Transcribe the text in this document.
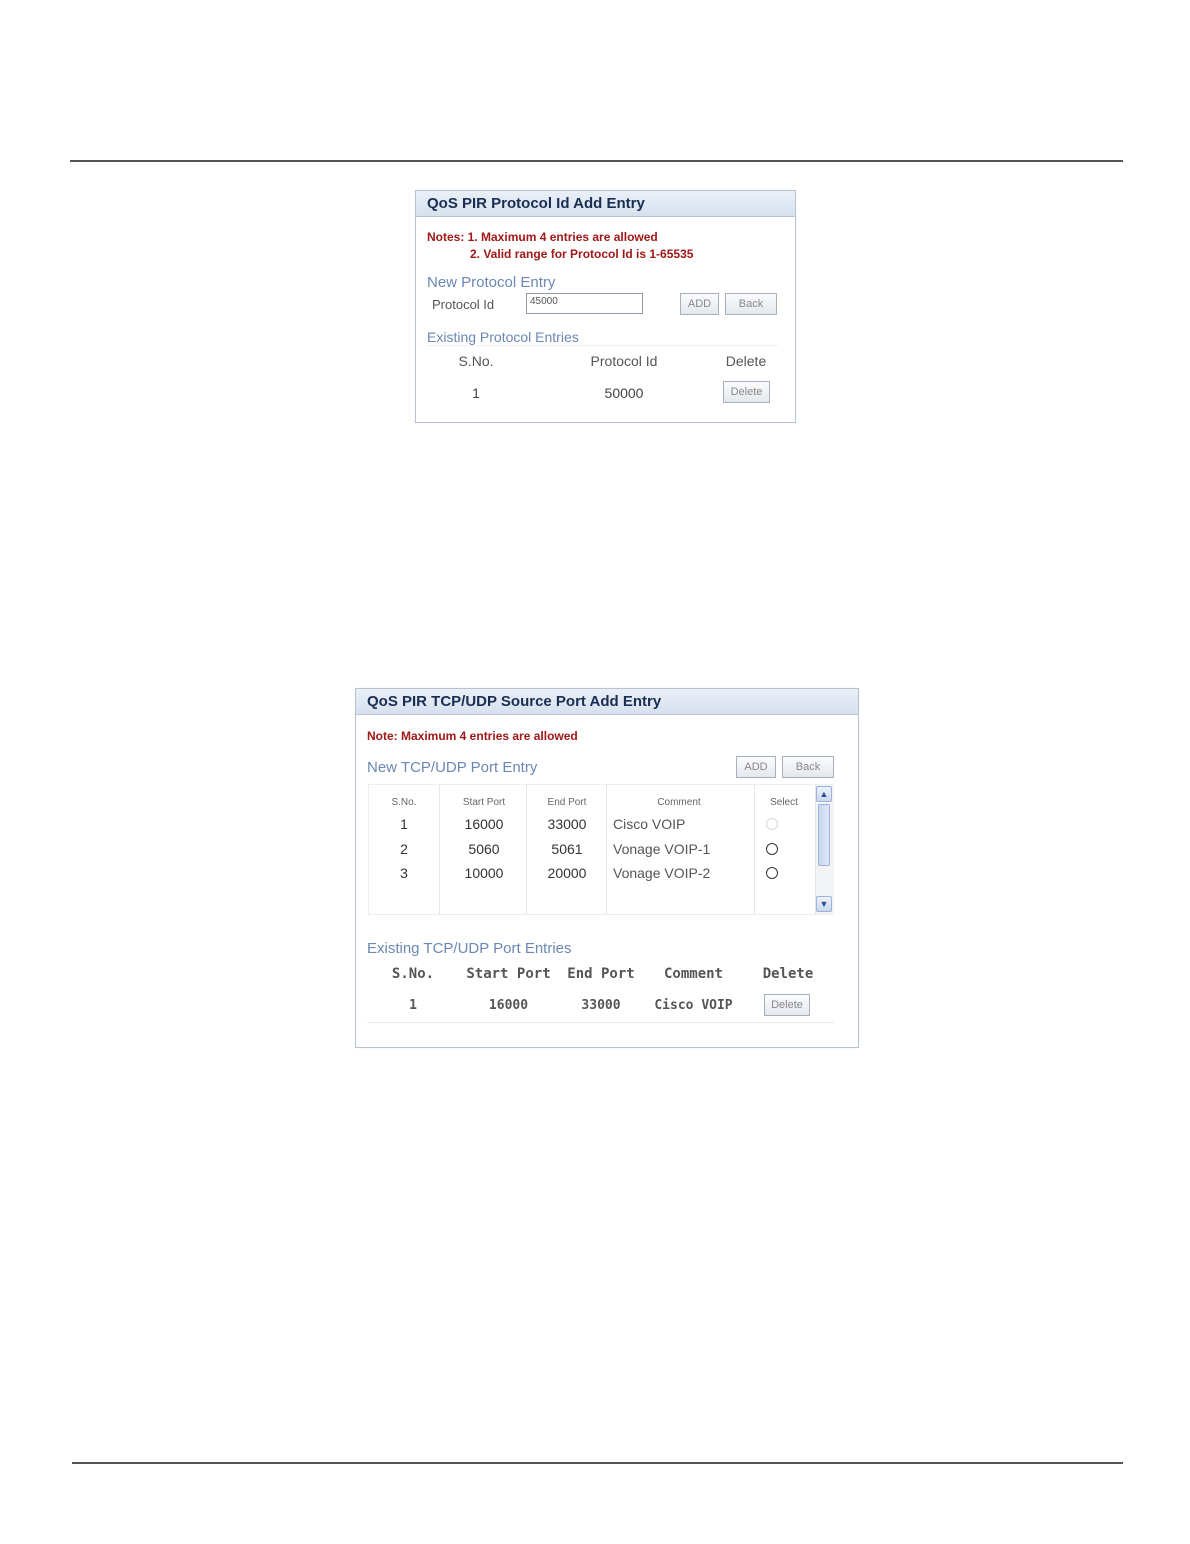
QoS PIR Protocol Id Add Entry
Notes: 1. Maximum 4 entries are allowed
2. Valid range for Protocol Id is 1-65535
New Protocol Entry
Protocol Id	45000	ADD	Back
Existing Protocol Entries
S.No.	Protocol Id	Delete
1	50000	Delete
QoS PIR TCP/UDP Source Port Add Entry
Note: Maximum 4 entries are allowed
New TCP/UDP Port Entry	ADD	Back
S.No.	Start Port	End Port	Comment	Select
1	16000	33000	Cisco VOIP
2	5060	5061	Vonage VOIP-1
3	10000	20000	Vonage VOIP-2
▲
▼
Existing TCP/UDP Port Entries
S.No.	Start Port	End Port	Comment	Delete
1	16000	33000	Cisco VOIP	Delete
